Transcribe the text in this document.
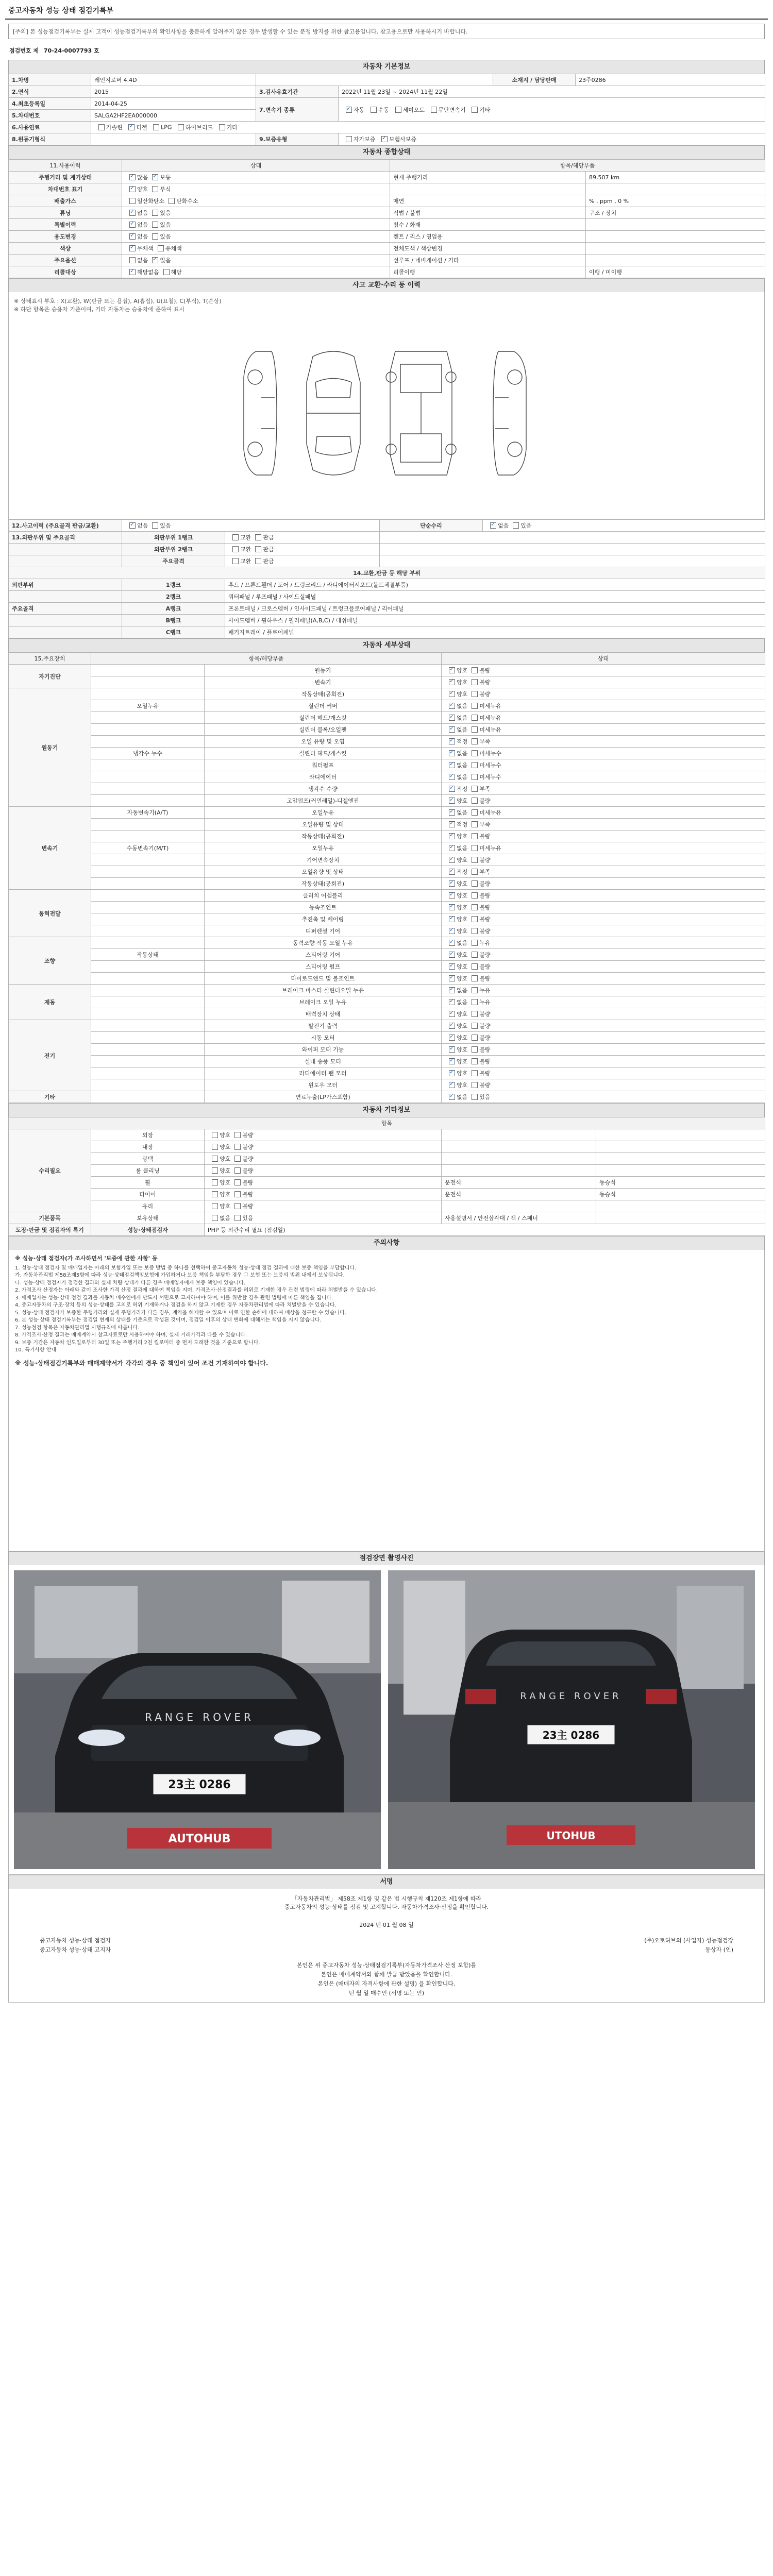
중고자동차 성능 상태 점검기록부
[주의] 본 성능점검기록부는 실제 고객이 성능점검기록부의 확인사항을 충분하게 알려주지 않은 경우 발생할 수 있는 분쟁 방지를 위한 참고용입니다. 참고용으로만 사용하시기 바랍니다.
점검번호 제 70-24-0007793 호
자동차 기본정보
1.차명	레인지로버 4.4D			소재지 / 담당판매	23주0286
2.연식	2015	3.검사유효기간	2022년 11월 23일 ~ 2024년 11월 22일		
4.최초등록일	2014-04-25	7.변속기 종류	✓자동 수동 세미오토 무단변속기 기타
5.차대번호	SALGA2HF2EA000000				
6.사용연료	가솔린 ✓ 디젤 LPG 하이브리드 기타
8.원동기형식		9.보증유형	자가보증 ✓ 보험사보증
자동차 종합상태
11.사용이력	상태	항목/해당부품	
주행거리 및 계기상태	✓많음 ✓ 보통	현재 주행거리	89,507 km
차대번호 표기	✓양호 부식		
배출가스	일산화탄소 탄화수소	매연	% , ppm , 0 %
튜닝	✓없음 있음	적법 / 불법	구조 / 장치
특별이력	✓없음 있음	침수 / 화재	
용도변경	✓없음 있음	렌트 / 리스 / 영업용	
색상	✓무채색 유채색	전체도색 / 색상변경	
주요옵션	없음 ✓ 있음	선루프 / 네비게이션 / 기타	
리콜대상	✓해당없음 해당	리콜이행	이행 / 미이행
사고 교환·수리 등 이력
※ 상태표시 부호 : X(교환), W(판금 또는 용접), A(흠집), U(요철), C(부식), T(손상)
※ 하단 항목은 승용차 기준이며, 기타 자동차는 승용차에 준하여 표시
12.사고이력 (주요골격 판금/교환)	✓없음 있음		단순수리	✓없음 있음
13.외판부위 및 주요골격	외판부위 1랭크	교환 판금		
	외판부위 2랭크	교환 판금		
	주요골격	교환 판금		
14.교환,판금 등 해당 부위				
외판부위	1랭크	후드 / 프론트휀더 / 도어 / 트렁크리드 / 라디에이터서포트(볼트체결부품)		
	2랭크	쿼터패널 / 루프패널 / 사이드실패널		
주요골격	A랭크	프론트패널 / 크로스멤버 / 인사이드패널 / 트렁크플로어패널 / 리어패널		
	B랭크	사이드멤버 / 휠하우스 / 필러패널(A,B,C) / 대쉬패널		
	C랭크	패키지트레이 / 플로어패널		
자동차 세부상태
15.주요장치	항목/해당부품		상태
자기진단		원동기	✓양호 불량
		변속기	✓양호 불량
원동기		작동상태(공회전)	✓양호 불량
	오일누유	실린더 커버	✓없음 미세누유
		실린더 헤드/개스킷	✓없음 미세누유
		실린더 블록/오일팬	✓없음 미세누유
		오일 유량 및 오염	✓적정 부족
	냉각수 누수	실린더 헤드/개스킷	✓없음 미세누수
		워터펌프	✓없음 미세누수
		라디에이터	✓없음 미세누수
		냉각수 수량	✓적정 부족
		고압펌프(커먼레일)-디젤엔진	✓양호 불량
변속기	자동변속기(A/T)	오일누유	✓없음 미세누유
		오일유량 및 상태	✓적정 부족
		작동상태(공회전)	✓양호 불량
	수동변속기(M/T)	오일누유	✓없음 미세누유
		기어변속장치	✓양호 불량
		오일유량 및 상태	✓적정 부족
		작동상태(공회전)	✓양호 불량
동력전달		클러치 어셈블리	✓양호 불량
		등속조인트	✓양호 불량
		추진축 및 베어링	✓양호 불량
		디퍼렌셜 기어	✓양호 불량
조향		동력조향 작동 오일 누유	✓없음 누유
	작동상태	스티어링 기어	✓양호 불량
		스티어링 펌프	✓양호 불량
		타이로드엔드 및 볼조인트	✓양호 불량
제동		브레이크 마스터 실린더오일 누유	✓없음 누유
		브레이크 오일 누유	✓없음 누유
		배력장치 상태	✓양호 불량
전기		발전기 출력	✓양호 불량
		시동 모터	✓양호 불량
		와이퍼 모터 기능	✓양호 불량
		실내 송풍 모터	✓양호 불량
		라디에이터 팬 모터	✓양호 불량
		윈도우 모터	✓양호 불량
기타		연료누출(LP가스포함)	✓없음 있음
자동차 기타정보
항목				
수리필요	외장	양호 불량		
	내장	양호 불량		
	광택	양호 불량		
	룸 클리닝	양호 불량		
	휠	양호 불량	운전석	동승석
	타이어	양호 불량	운전석	동승석
	유리	양호 불량		
기본품목	보유상태	없음 있음	사용설명서 / 안전삼각대 / 잭 / 스패너	
도장·판금 및 점검자의 특기	성능·상태점검자	PHP 등 외관수리 필요 (점검일)		
주의사항
※ 성능·상태 점검자(가 조사하면서 '보증에 관한 사항' 등
1. 성능·상태 점검자 및 매매업자는 아래의 보험가입 또는 보증 방법 중 하나를 선택하여 중고자동차 성능·상태 점검 결과에 대한 보증 책임을 부담합니다.
가. 자동차관리법 제58조제5항에 따라 성능·상태점검책임보험에 가입하거나 보증 책임을 부담한 경우 그 보험 또는 보증의 범위 내에서 보상됩니다.
나. 성능·상태 점검자가 점검한 결과와 실제 차량 상태가 다른 경우 매매업자에게 보증 책임이 있습니다.
2. 가격조사 산정자는 아래와 같이 조사한 가격 산정 결과에 대하여 책임을 지며, 가격조사·산정결과를 허위로 기재한 경우 관련 법령에 따라 처벌받을 수 있습니다.
3. 매매업자는 성능·상태 점검 결과를 자동차 매수인에게 반드시 서면으로 고지하여야 하며, 이를 위반할 경우 관련 법령에 따른 책임을 집니다.
4. 중고자동차의 구조·장치 등의 성능·상태를 고의로 허위 기재하거나 점검을 하지 않고 기재한 경우 자동차관리법에 따라 처벌받을 수 있습니다.
5. 성능·상태 점검자가 보증한 주행거리와 실제 주행거리가 다른 경우, 계약을 해제할 수 있으며 이로 인한 손해에 대하여 배상을 청구할 수 있습니다.
6. 본 성능·상태 점검기록부는 점검일 현재의 상태를 기준으로 작성된 것이며, 점검일 이후의 상태 변화에 대해서는 책임을 지지 않습니다.
7. 성능점검 항목은 자동차관리법 시행규칙에 따릅니다.
8. 가격조사·산정 결과는 매매계약시 참고자료로만 사용하여야 하며, 실제 거래가격과 다를 수 있습니다.
9. 보증 기간은 자동차 인도일로부터 30일 또는 주행거리 2천 킬로미터 중 먼저 도래한 것을 기준으로 합니다.
10. 특기사항 안내
※ 성능·상태점검기록부와 매매계약서가 각각의 경우 중 책임이 있어 조건 기재하여야 합니다.
점검장면 촬영사진
RANGE ROVER
23主 0286
AUTOHUB
RANGE ROVER
23主 0286
UTOHUB
서명
「자동차관리법」 제58조 제1항 및 같은 법 시행규칙 제120조 제1항에 따라
중고자동차의 성능·상태를 점검 및 고지합니다. 자동차가격조사·산정을 확인합니다.
2024 년 01 월 08 일
중고자동차 성능·상태 점검자
중고자동차 성능·상태 고지자
(주)오토허브외 (사업자) 성능점검장
동상자 (인)
본인은 위 중고자동차 성능·상태점검기록부(자동차가격조사·산정 포함)를
본인은 매매계약서와 함께 발급 받았음을 확인합니다.
본인은 (매매자의 자격사항에 관한 설명) 을 확인합니다.
년 월 일 매수인 (서명 또는 인)
